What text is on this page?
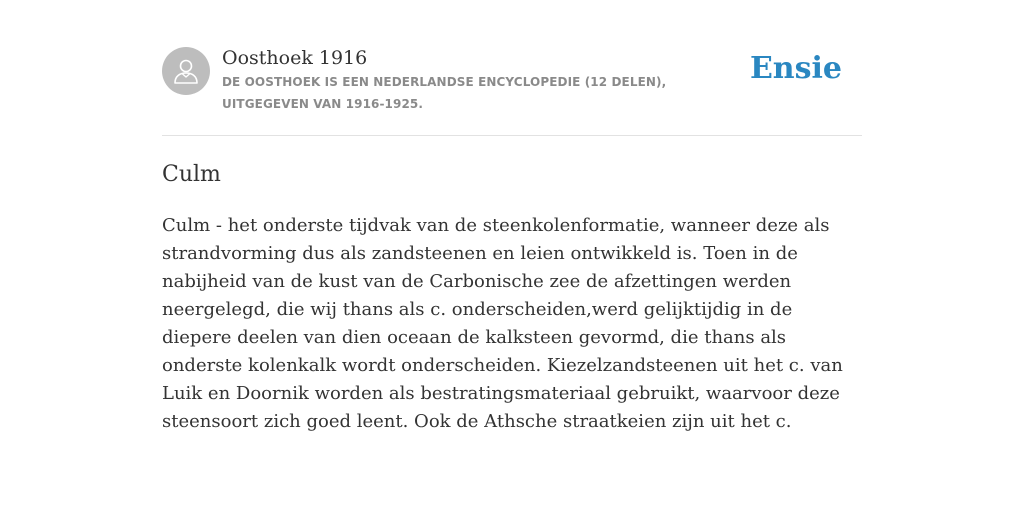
Oosthoek 1916

DE OOSTHOEK IS EEN NEDERLANDSE ENCYCLOPEDIE (12 DELEN), UITGEGEVEN VAN 1916-1925.

Ensie
Culm

Culm - het onderste tijdvak van de steenkolenformatie, wanneer deze als strandvorming dus als zandsteenen en leien ontwikkeld is. Toen in de nabijheid van de kust van de Carbonische zee de afzettingen werden neergelegd, die wij thans als c. onderscheiden,werd gelijktijdig in de diepere deelen van dien oceaan de kalksteen gevormd, die thans als onderste kolenkalk wordt onderscheiden. Kiezelzandsteenen uit het c. van Luik en Doornik worden als bestratingsmateriaal gebruikt, waarvoor deze steensoort zich goed leent. Ook de Athsche straatkeien zijn uit het c.
